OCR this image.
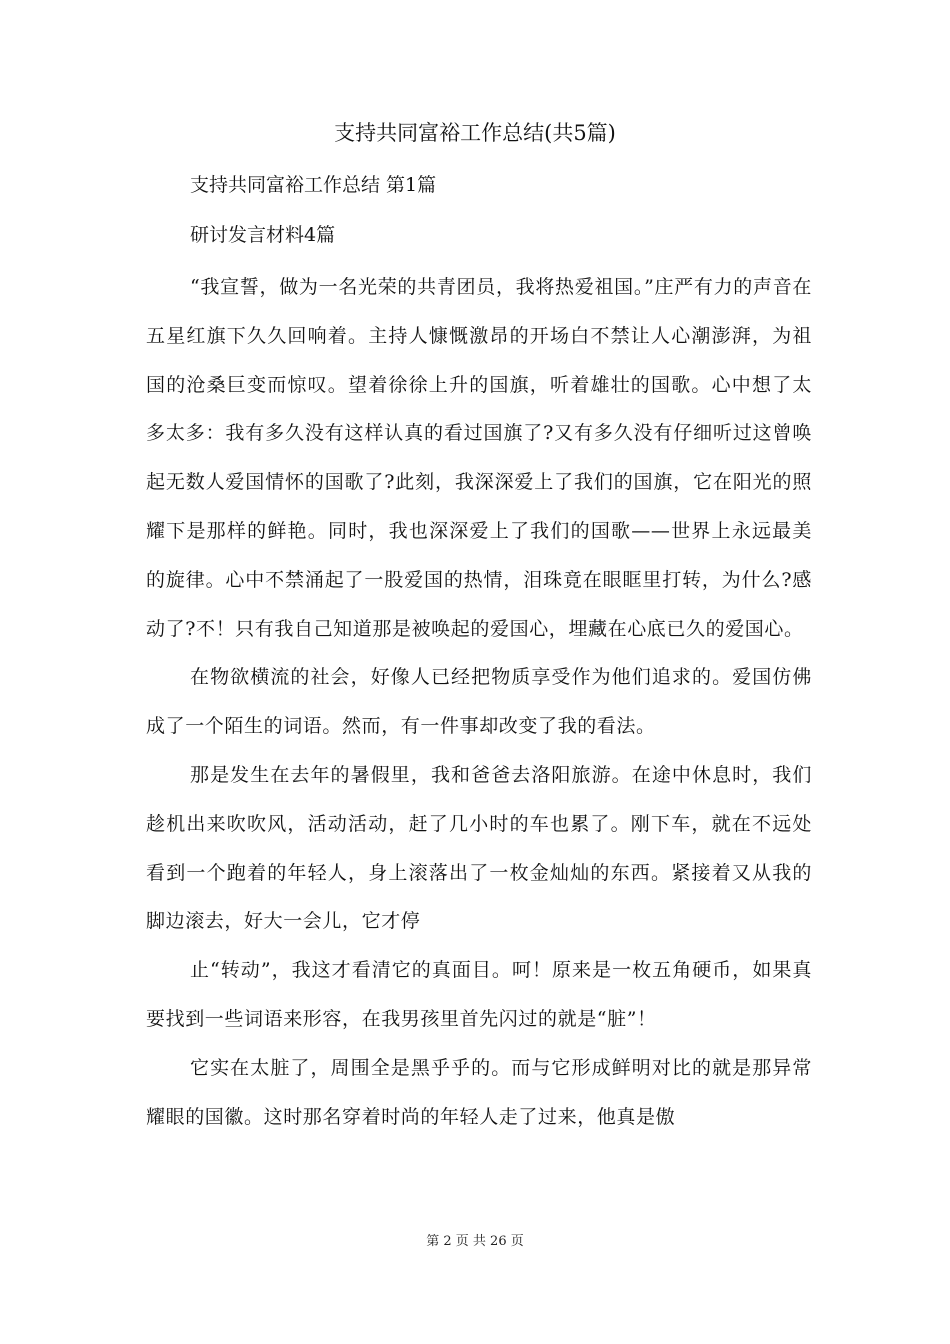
支持共同富裕工作总结(共5篇)
支持共同富裕工作总结 第1篇
研讨发言材料4篇

“我宣誓，做为一名光荣的共青团员，我将热爱祖国。”庄严有力的声音在五星红旗下久久回响着。主持人慷慨激昂的开场白不禁让人心潮澎湃，为祖国的沧桑巨变而惊叹。望着徐徐上升的国旗，听着雄壮的国歌。心中想了太多太多：我有多久没有这样认真的看过国旗了?又有多久没有仔细听过这曾唤起无数人爱国情怀的国歌了?此刻，我深深爱上了我们的国旗，它在阳光的照耀下是那样的鲜艳。同时，我也深深爱上了我们的国歌——世界上永远最美的旋律。心中不禁涌起了一股爱国的热情，泪珠竟在眼眶里打转，为什么?感动了?不！只有我自己知道那是被唤起的爱国心，埋藏在心底已久的爱国心。

在物欲横流的社会，好像人已经把物质享受作为他们追求的。爱国仿佛成了一个陌生的词语。然而，有一件事却改变了我的看法。

那是发生在去年的暑假里，我和爸爸去洛阳旅游。在途中休息时，我们趁机出来吹吹风，活动活动，赶了几小时的车也累了。刚下车，就在不远处看到一个跑着的年轻人，身上滚落出了一枚金灿灿的东西。紧接着又从我的脚边滚去，好大一会儿，它才停

止“转动”，我这才看清它的真面目。呵！原来是一枚五角硬币，如果真要找到一些词语来形容，在我男孩里首先闪过的就是“脏”！

它实在太脏了，周围全是黑乎乎的。而与它形成鲜明对比的就是那异常耀眼的国徽。这时那名穿着时尚的年轻人走了过来，他真是傲

第 2 页 共 26 页
